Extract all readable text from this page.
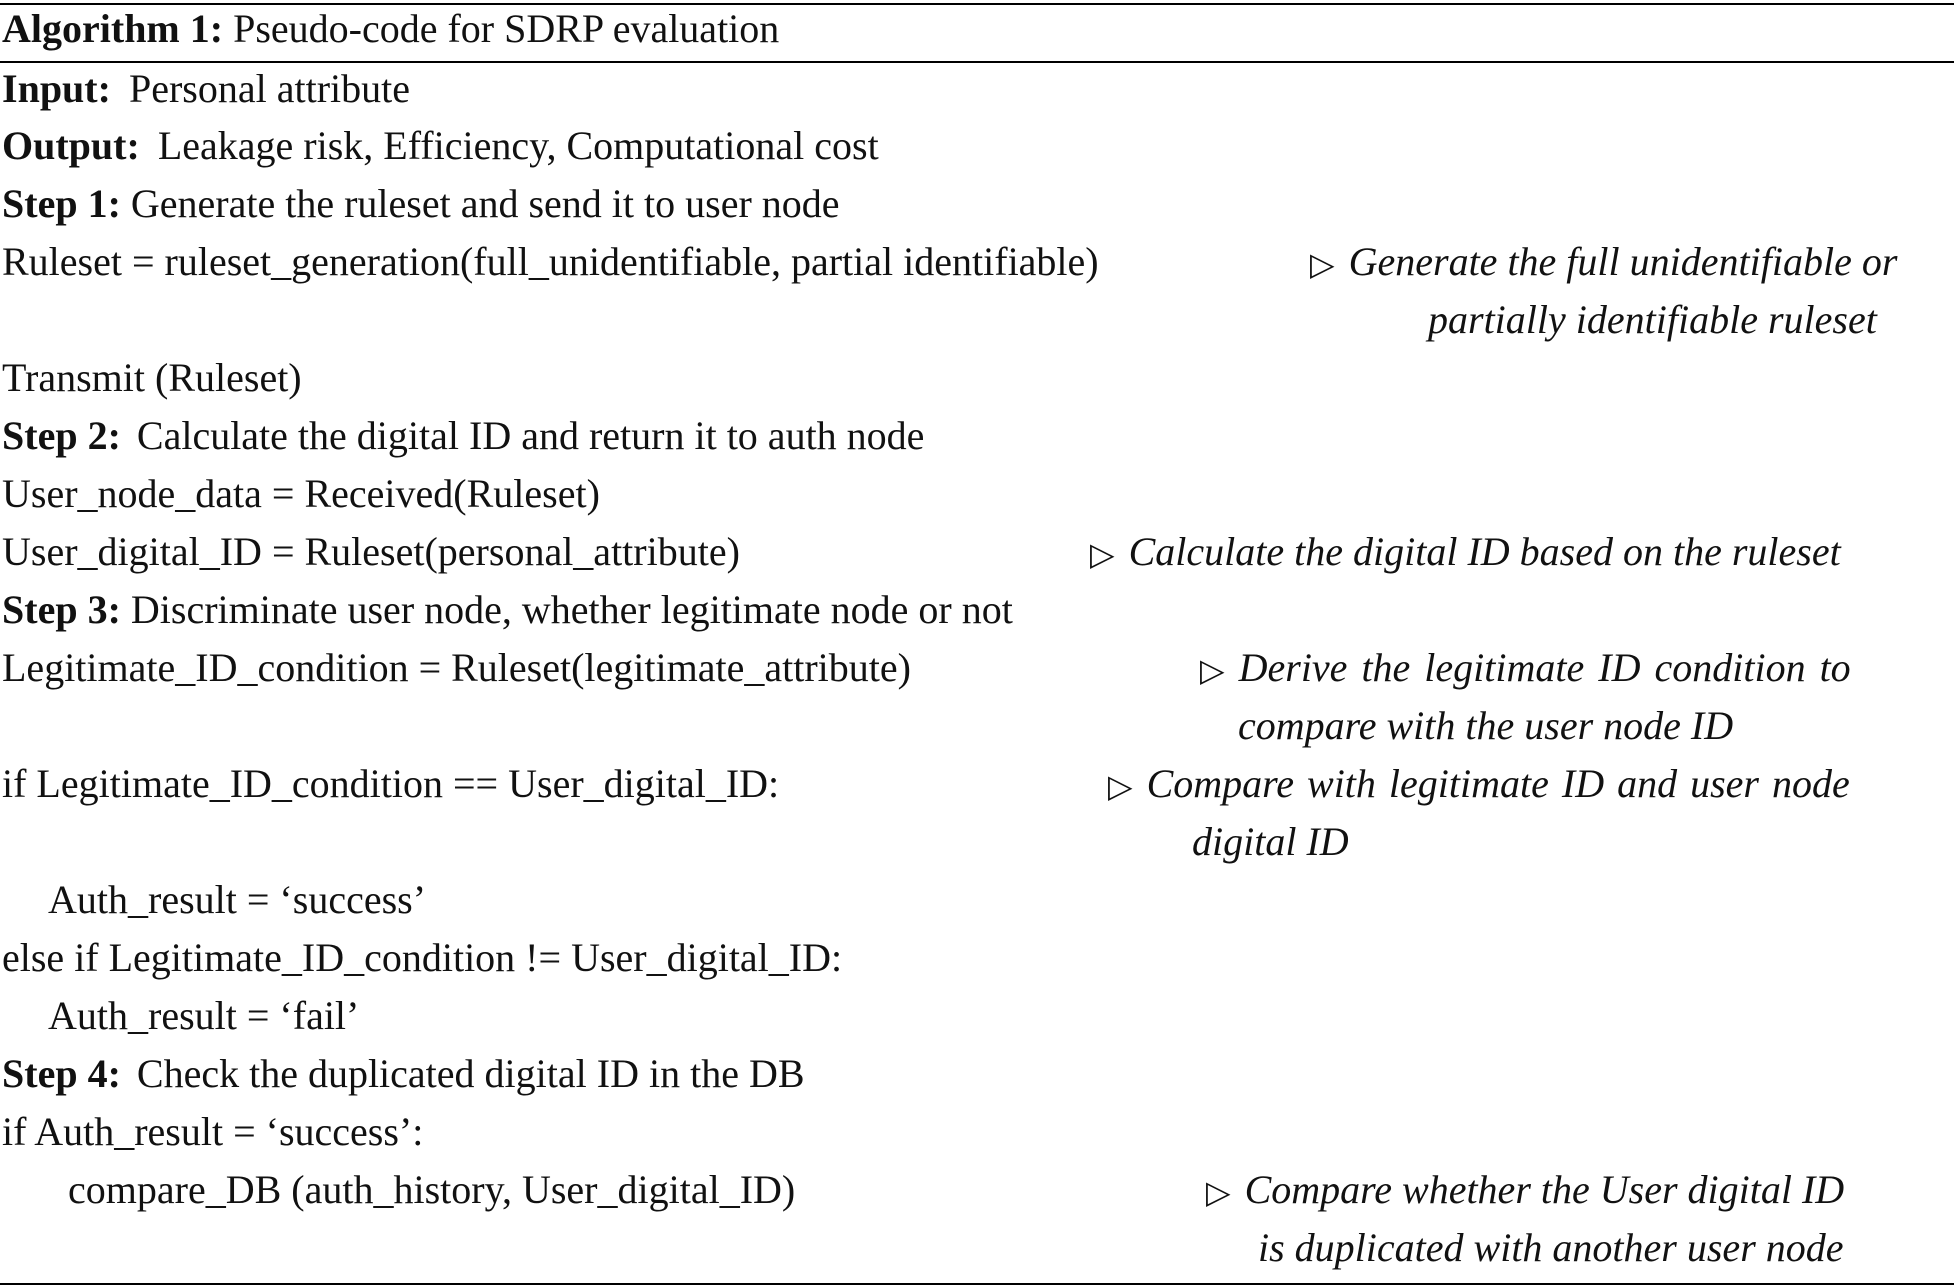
Algorithm 1: Pseudo-code for SDRP evaluation
Input: Personal attribute
Output: Leakage risk, Efficiency, Computational cost
Step 1: Generate the ruleset and send it to user node
Ruleset = ruleset_generation(full_unidentifiable, partial identifiable)	▷ Generate the full unidentifiable or
partially identifiable ruleset
Transmit (Ruleset)
Step 2: Calculate the digital ID and return it to auth node
User_node_data = Received(Ruleset)
User_digital_ID = Ruleset(personal_attribute)	▷ Calculate the digital ID based on the ruleset
Step 3: Discriminate user node, whether legitimate node or not
Legitimate_ID_condition = Ruleset(legitimate_attribute)	▷ Derive the legitimate ID condition to
compare with the user node ID
if Legitimate_ID_condition == User_digital_ID:	▷ Compare with legitimate ID and user node
digital ID
Auth_result = ‘success’
else if Legitimate_ID_condition != User_digital_ID:
Auth_result = ‘fail’
Step 4: Check the duplicated digital ID in the DB
if Auth_result = ‘success’:
compare_DB (auth_history, User_digital_ID)	▷ Compare whether the User digital ID
is duplicated with another user node
